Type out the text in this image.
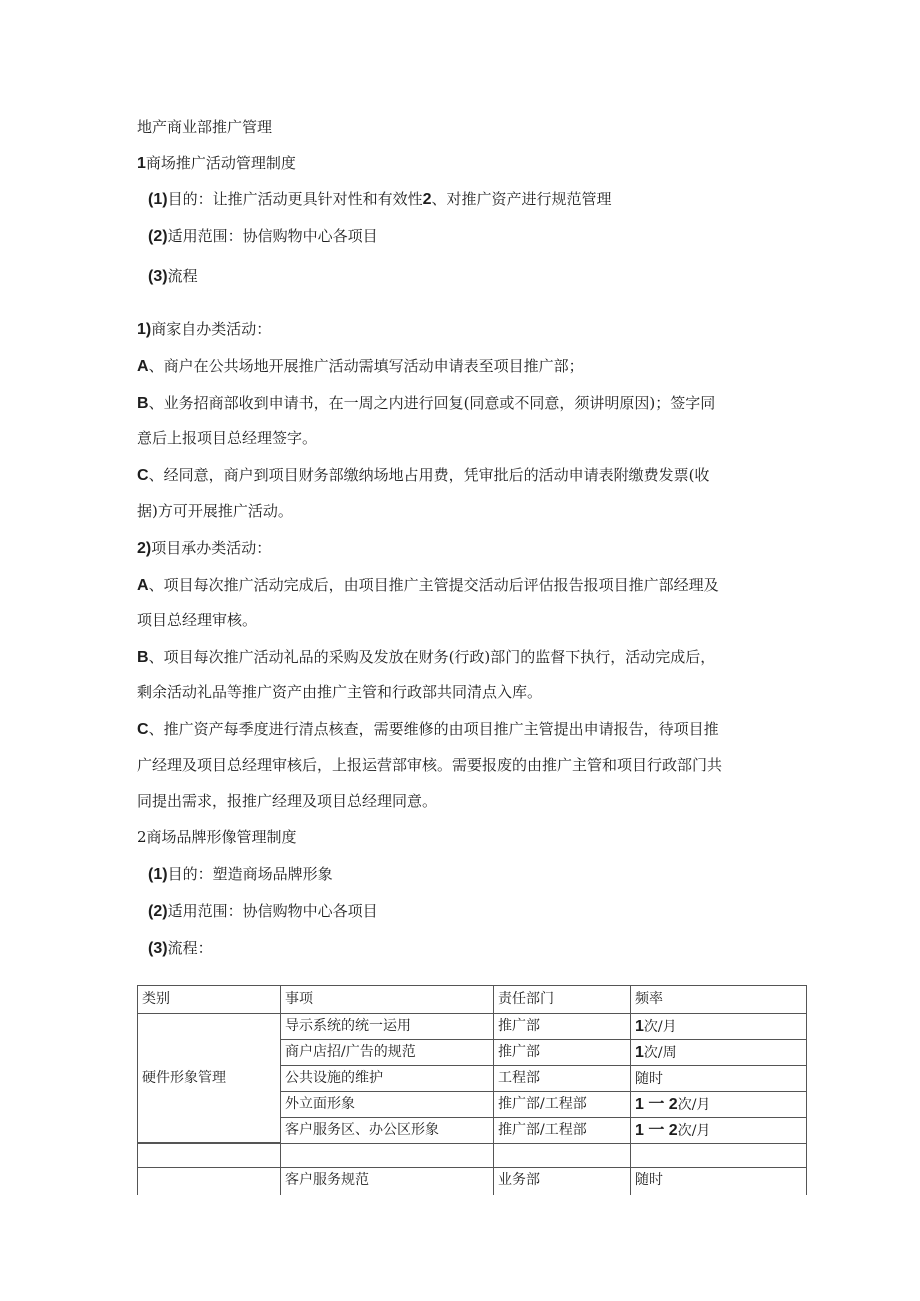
地产商业部推广管理

1商场推广活动管理制度

(1)目的：让推广活动更具针对性和有效性2、对推广资产进行规范管理

(2)适用范围：协信购物中心各项目

(3)流程

1)商家自办类活动：

A、商户在公共场地开展推广活动需填写活动申请表至项目推广部；

B、业务招商部收到申请书，在一周之内进行回复(同意或不同意，须讲明原因)；签字同

意后上报项目总经理签字。

C、经同意，商户到项目财务部缴纳场地占用费，凭审批后的活动申请表附缴费发票(收

据)方可开展推广活动。

2)项目承办类活动：

A、项目每次推广活动完成后，由项目推广主管提交活动后评估报告报项目推广部经理及

项目总经理审核。

B、项目每次推广活动礼品的采购及发放在财务(行政)部门的监督下执行，活动完成后，

剩余活动礼品等推广资产由推广主管和行政部共同清点入库。

C、推广资产每季度进行清点核查，需要维修的由项目推广主管提出申请报告，待项目推

广经理及项目总经理审核后，上报运营部审核。需要报废的由推广主管和项目行政部门共

同提出需求，报推广经理及项目总经理同意。

2商场品牌形像管理制度

(1)目的：塑造商场品牌形象

(2)适用范围：协信购物中心各项目

(3)流程：

类别	事项	责任部门	频率
硬件形象管理
导示系统的统一运用	推广部	1次/月
商户店招/广告的规范	推广部	1次/周
公共设施的维护	工程部	随时
外立面形象	推广部/工程部	1 一 2次/月
客户服务区、办公区形象	推广部/工程部	1 一 2次/月
客户服务规范	业务部	随时
